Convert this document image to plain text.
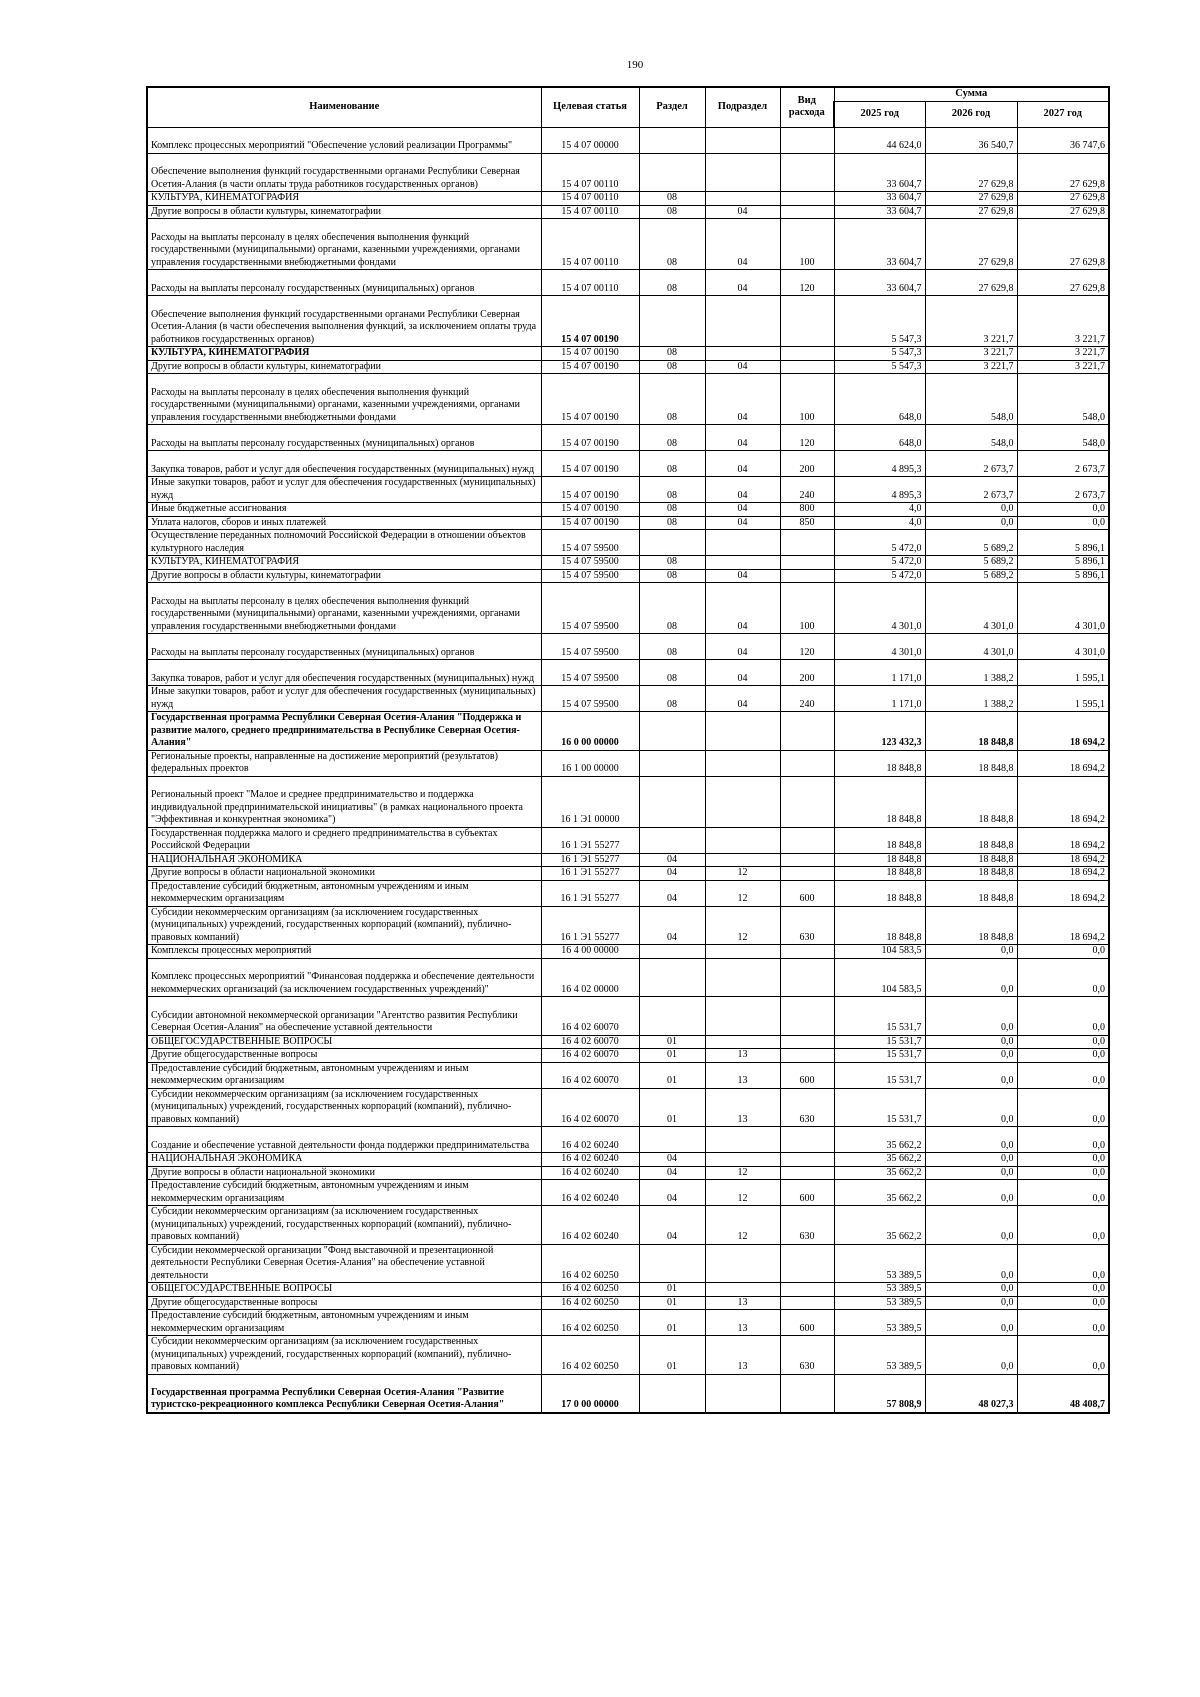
190
Наименование	Целевая статья	Раздел	Подраздел	Вид расхода	Сумма		
					2025 год	2026 год	2027 год
Комплекс процессных мероприятий "Обеспечение условий реализации Программы"	15 4 07 00000				44 624,0	36 540,7	36 747,6
Обеспечение выполнения функций государственными органами Республики Северная Осетия-Алания (в части оплаты труда работников государственных органов)	15 4 07 00110				33 604,7	27 629,8	27 629,8
КУЛЬТУРА, КИНЕМАТОГРАФИЯ	15 4 07 00110	08			33 604,7	27 629,8	27 629,8
Другие вопросы в области культуры, кинематографии	15 4 07 00110	08	04		33 604,7	27 629,8	27 629,8
Расходы на выплаты персоналу в целях обеспечения выполнения функций государственными (муниципальными) органами, казенными учреждениями, органами управления государственными внебюджетными фондами	15 4 07 00110	08	04	100	33 604,7	27 629,8	27 629,8
Расходы на выплаты персоналу государственных (муниципальных) органов	15 4 07 00110	08	04	120	33 604,7	27 629,8	27 629,8
Обеспечение выполнения функций государственными органами Республики Северная Осетия-Алания (в части обеспечения выполнения функций, за исключением оплаты труда работников государственных органов)	15 4 07 00190				5 547,3	3 221,7	3 221,7
КУЛЬТУРА, КИНЕМАТОГРАФИЯ	15 4 07 00190	08			5 547,3	3 221,7	3 221,7
Другие вопросы в области культуры, кинематографии	15 4 07 00190	08	04		5 547,3	3 221,7	3 221,7
Расходы на выплаты персоналу в целях обеспечения выполнения функций государственными (муниципальными) органами, казенными учреждениями, органами управления государственными внебюджетными фондами	15 4 07 00190	08	04	100	648,0	548,0	548,0
Расходы на выплаты персоналу государственных (муниципальных) органов	15 4 07 00190	08	04	120	648,0	548,0	548,0
Закупка товаров, работ и услуг для обеспечения государственных (муниципальных) нужд	15 4 07 00190	08	04	200	4 895,3	2 673,7	2 673,7
Иные закупки товаров, работ и услуг для обеспечения государственных (муниципальных) нужд	15 4 07 00190	08	04	240	4 895,3	2 673,7	2 673,7
Иные бюджетные ассигнования	15 4 07 00190	08	04	800	4,0	0,0	0,0
Уплата налогов, сборов и иных платежей	15 4 07 00190	08	04	850	4,0	0,0	0,0
Осуществление переданных полномочий Российской Федерации в отношении объектов культурного наследия	15 4 07 59500				5 472,0	5 689,2	5 896,1
КУЛЬТУРА, КИНЕМАТОГРАФИЯ	15 4 07 59500	08			5 472,0	5 689,2	5 896,1
Другие вопросы в области культуры, кинематографии	15 4 07 59500	08	04		5 472,0	5 689,2	5 896,1
Расходы на выплаты персоналу в целях обеспечения выполнения функций государственными (муниципальными) органами, казенными учреждениями, органами управления государственными внебюджетными фондами	15 4 07 59500	08	04	100	4 301,0	4 301,0	4 301,0
Расходы на выплаты персоналу государственных (муниципальных) органов	15 4 07 59500	08	04	120	4 301,0	4 301,0	4 301,0
Закупка товаров, работ и услуг для обеспечения государственных (муниципальных) нужд	15 4 07 59500	08	04	200	1 171,0	1 388,2	1 595,1
Иные закупки товаров, работ и услуг для обеспечения государственных (муниципальных) нужд	15 4 07 59500	08	04	240	1 171,0	1 388,2	1 595,1
Государственная программа Республики Северная Осетия-Алания "Поддержка и развитие малого, среднего предпринимательства в Республике Северная Осетия-Алания"	16 0 00 00000				123 432,3	18 848,8	18 694,2
Региональные проекты, направленные на достижение мероприятий (результатов) федеральных проектов	16 1 00 00000				18 848,8	18 848,8	18 694,2
Региональный проект "Малое и среднее предпринимательство и поддержка индивидуальной предпринимательской инициативы" (в рамках национального проекта "Эффективная и конкурентная экономика")	16 1 Э1 00000				18 848,8	18 848,8	18 694,2
Государственная поддержка малого и среднего предпринимательства в субъектах Российской Федерации	16 1 Э1 55277				18 848,8	18 848,8	18 694,2
НАЦИОНАЛЬНАЯ ЭКОНОМИКА	16 1 Э1 55277	04			18 848,8	18 848,8	18 694,2
Другие вопросы в области национальной экономики	16 1 Э1 55277	04	12		18 848,8	18 848,8	18 694,2
Предоставление субсидий бюджетным, автономным учреждениям и иным некоммерческим организациям	16 1 Э1 55277	04	12	600	18 848,8	18 848,8	18 694,2
Субсидии некоммерческим организациям (за исключением государственных (муниципальных) учреждений, государственных корпораций (компаний), публично-правовых компаний)	16 1 Э1 55277	04	12	630	18 848,8	18 848,8	18 694,2
Комплексы процессных мероприятий	16 4 00 00000				104 583,5	0,0	0,0
Комплекс процессных мероприятий "Финансовая поддержка и обеспечение деятельности некоммерческих организаций (за исключением государственных учреждений)"	16 4 02 00000				104 583,5	0,0	0,0
Субсидии автономной некоммерческой организации "Агентство развития Республики Северная Осетия-Алания" на обеспечение уставной деятельности	16 4 02 60070				15 531,7	0,0	0,0
ОБЩЕГОСУДАРСТВЕННЫЕ ВОПРОСЫ	16 4 02 60070	01			15 531,7	0,0	0,0
Другие общегосударственные вопросы	16 4 02 60070	01	13		15 531,7	0,0	0,0
Предоставление субсидий бюджетным, автономным учреждениям и иным некоммерческим организациям	16 4 02 60070	01	13	600	15 531,7	0,0	0,0
Субсидии некоммерческим организациям (за исключением государственных (муниципальных) учреждений, государственных корпораций (компаний), публично-правовых компаний)	16 4 02 60070	01	13	630	15 531,7	0,0	0,0
Создание и обеспечение уставной деятельности фонда поддержки предпринимательства	16 4 02 60240				35 662,2	0,0	0,0
НАЦИОНАЛЬНАЯ ЭКОНОМИКА	16 4 02 60240	04			35 662,2	0,0	0,0
Другие вопросы в области национальной экономики	16 4 02 60240	04	12		35 662,2	0,0	0,0
Предоставление субсидий бюджетным, автономным учреждениям и иным некоммерческим организациям	16 4 02 60240	04	12	600	35 662,2	0,0	0,0
Субсидии некоммерческим организациям (за исключением государственных (муниципальных) учреждений, государственных корпораций (компаний), публично-правовых компаний)	16 4 02 60240	04	12	630	35 662,2	0,0	0,0
Субсидии некоммерческой организации "Фонд выставочной и презентационной деятельности Республики Северная Осетия-Алания" на обеспечение уставной деятельности	16 4 02 60250				53 389,5	0,0	0,0
ОБЩЕГОСУДАРСТВЕННЫЕ ВОПРОСЫ	16 4 02 60250	01			53 389,5	0,0	0,0
Другие общегосударственные вопросы	16 4 02 60250	01	13		53 389,5	0,0	0,0
Предоставление субсидий бюджетным, автономным учреждениям и иным некоммерческим организациям	16 4 02 60250	01	13	600	53 389,5	0,0	0,0
Субсидии некоммерческим организациям (за исключением государственных (муниципальных) учреждений, государственных корпораций (компаний), публично-правовых компаний)	16 4 02 60250	01	13	630	53 389,5	0,0	0,0
Государственная программа Республики Северная Осетия-Алания "Развитие туристско-рекреационного комплекса Республики Северная Осетия-Алания"	17 0 00 00000				57 808,9	48 027,3	48 408,7
